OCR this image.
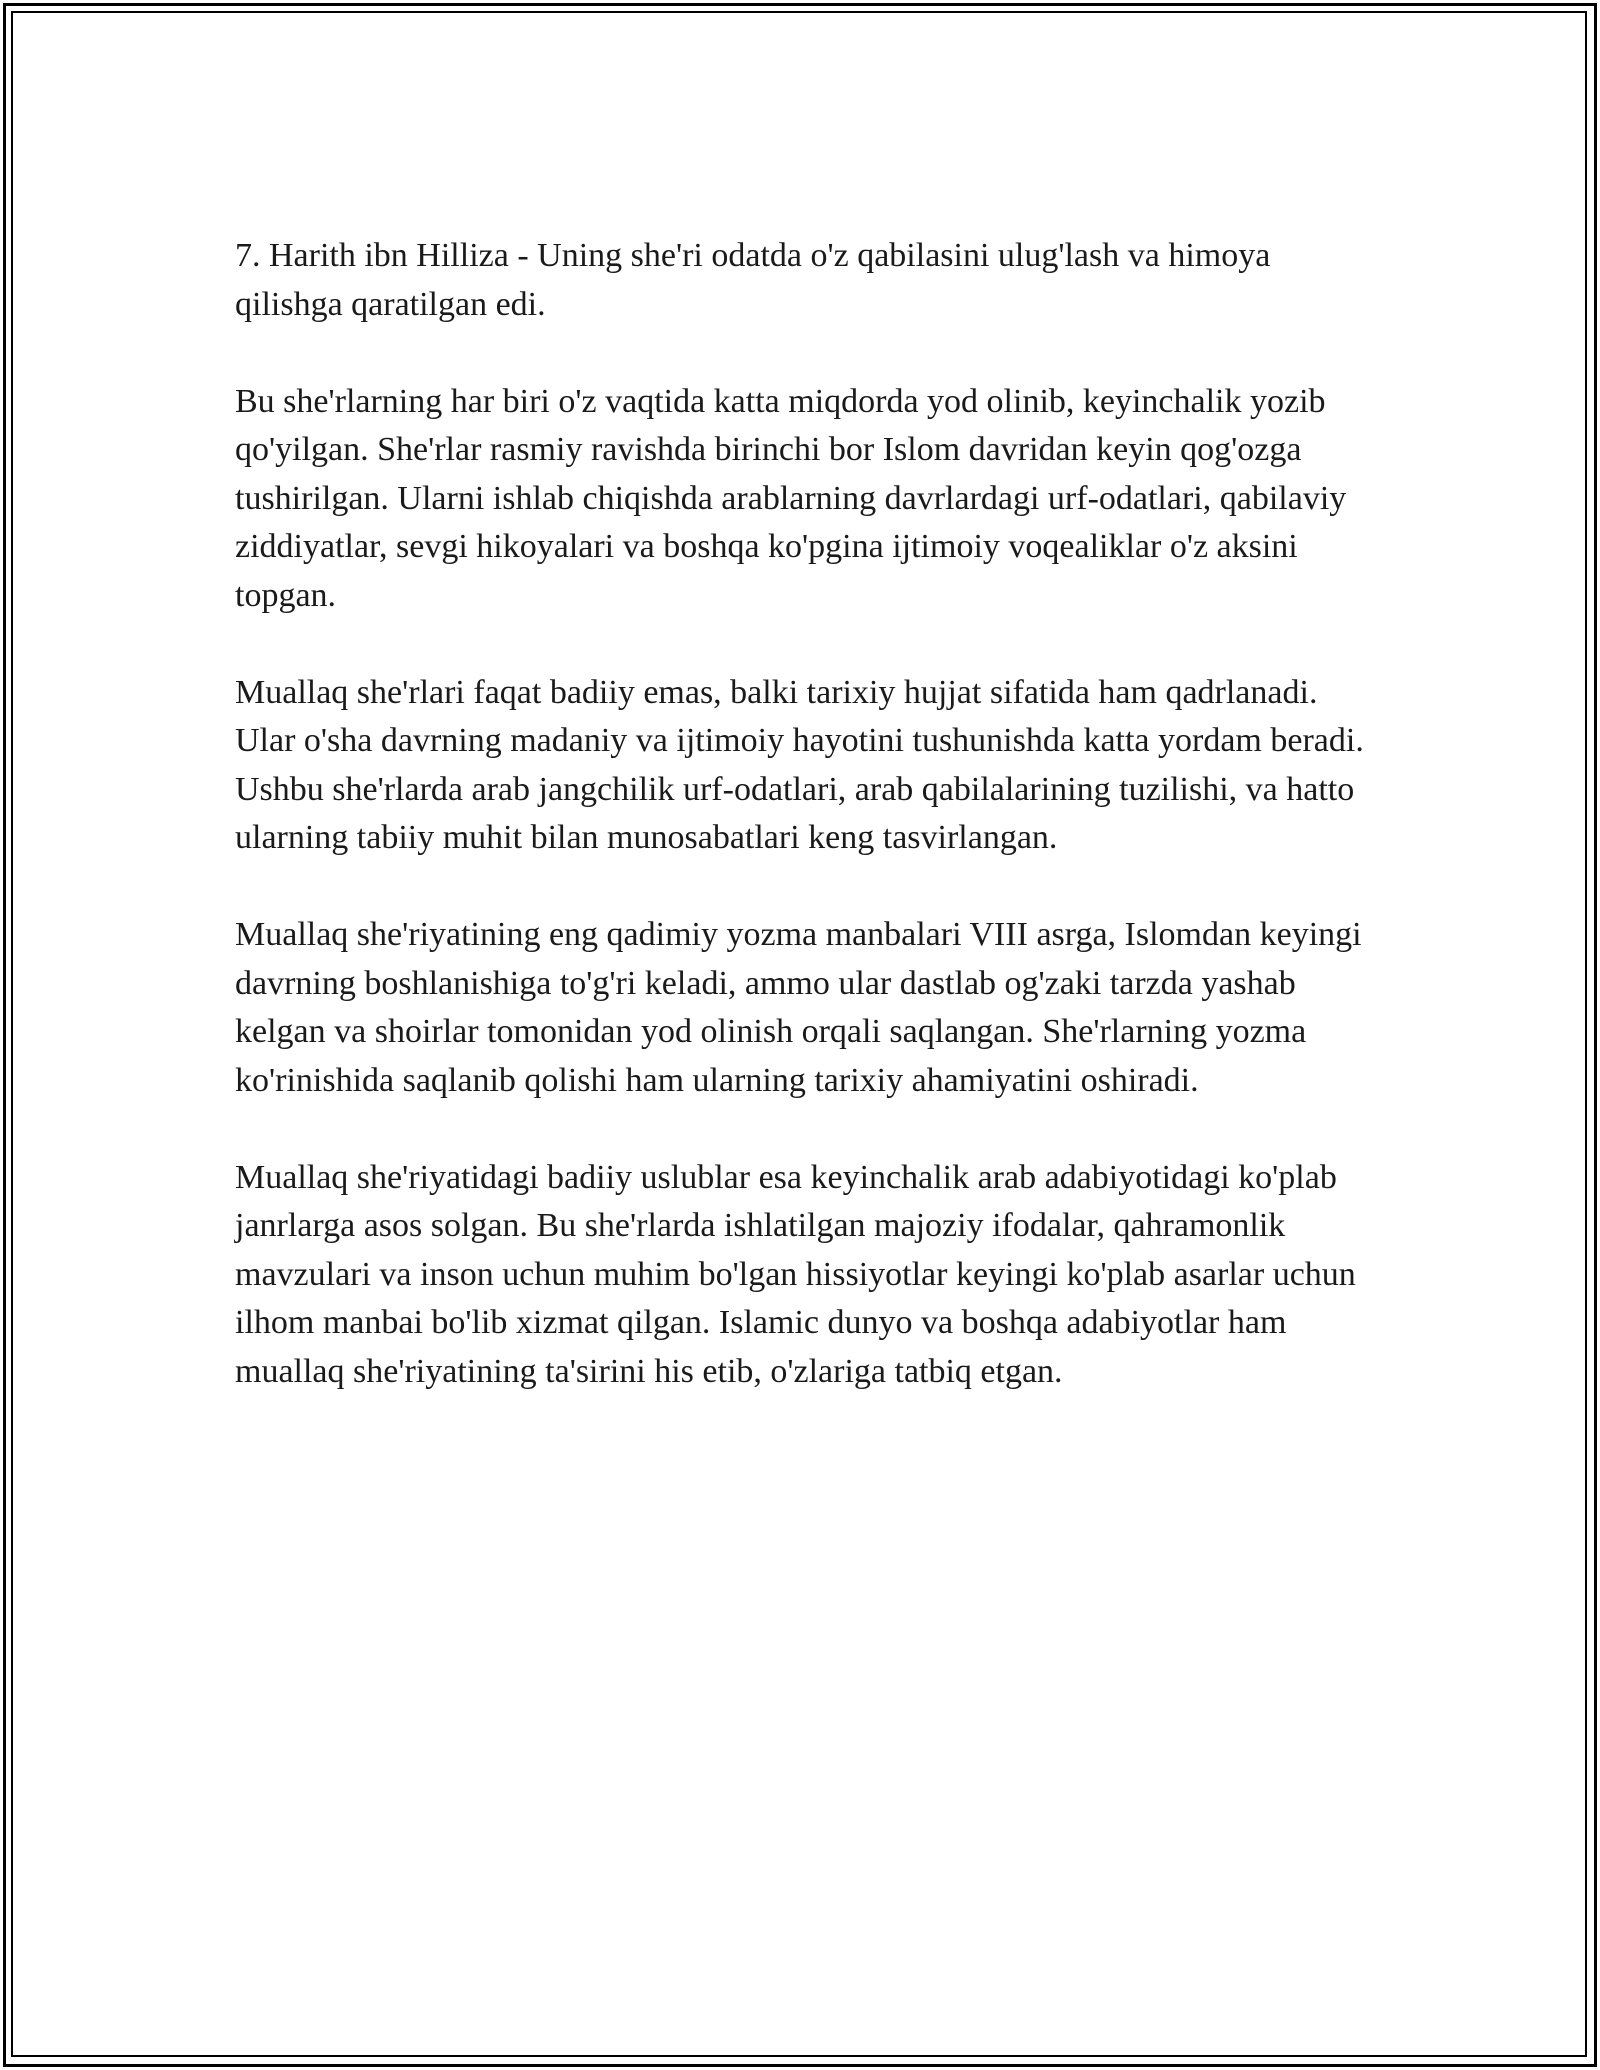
7. Harith ibn Hilliza - Uning she'ri odatda o'z qabilasini ulug'lash va himoya qilishga qaratilgan edi.

Bu she'rlarning har biri o'z vaqtida katta miqdorda yod olinib, keyinchalik yozib qo'yilgan. She'rlar rasmiy ravishda birinchi bor Islom davridan keyin qog'ozga tushirilgan. Ularni ishlab chiqishda arablarning davrlardagi urf-odatlari, qabilaviy ziddiyatlar, sevgi hikoyalari va boshqa ko'pgina ijtimoiy voqealiklar o'z aksini topgan.

Muallaq she'rlari faqat badiiy emas, balki tarixiy hujjat sifatida ham qadrlanadi. Ular o'sha davrning madaniy va ijtimoiy hayotini tushunishda katta yordam beradi. Ushbu she'rlarda arab jangchilik urf-odatlari, arab qabilalarining tuzilishi, va hatto ularning tabiiy muhit bilan munosabatlari keng tasvirlangan.

Muallaq she'riyatining eng qadimiy yozma manbalari VIII asrga, Islomdan keyingi davrning boshlanishiga to'g'ri keladi, ammo ular dastlab og'zaki tarzda yashab kelgan va shoirlar tomonidan yod olinish orqali saqlangan. She'rlarning yozma ko'rinishida saqlanib qolishi ham ularning tarixiy ahamiyatini oshiradi.

Muallaq she'riyatidagi badiiy uslublar esa keyinchalik arab adabiyotidagi ko'plab janrlarga asos solgan. Bu she'rlarda ishlatilgan majoziy ifodalar, qahramonlik mavzulari va inson uchun muhim bo'lgan hissiyotlar keyingi ko'plab asarlar uchun ilhom manbai bo'lib xizmat qilgan. Islamic dunyo va boshqa adabiyotlar ham muallaq she'riyatining ta'sirini his etib, o'zlariga tatbiq etgan.
